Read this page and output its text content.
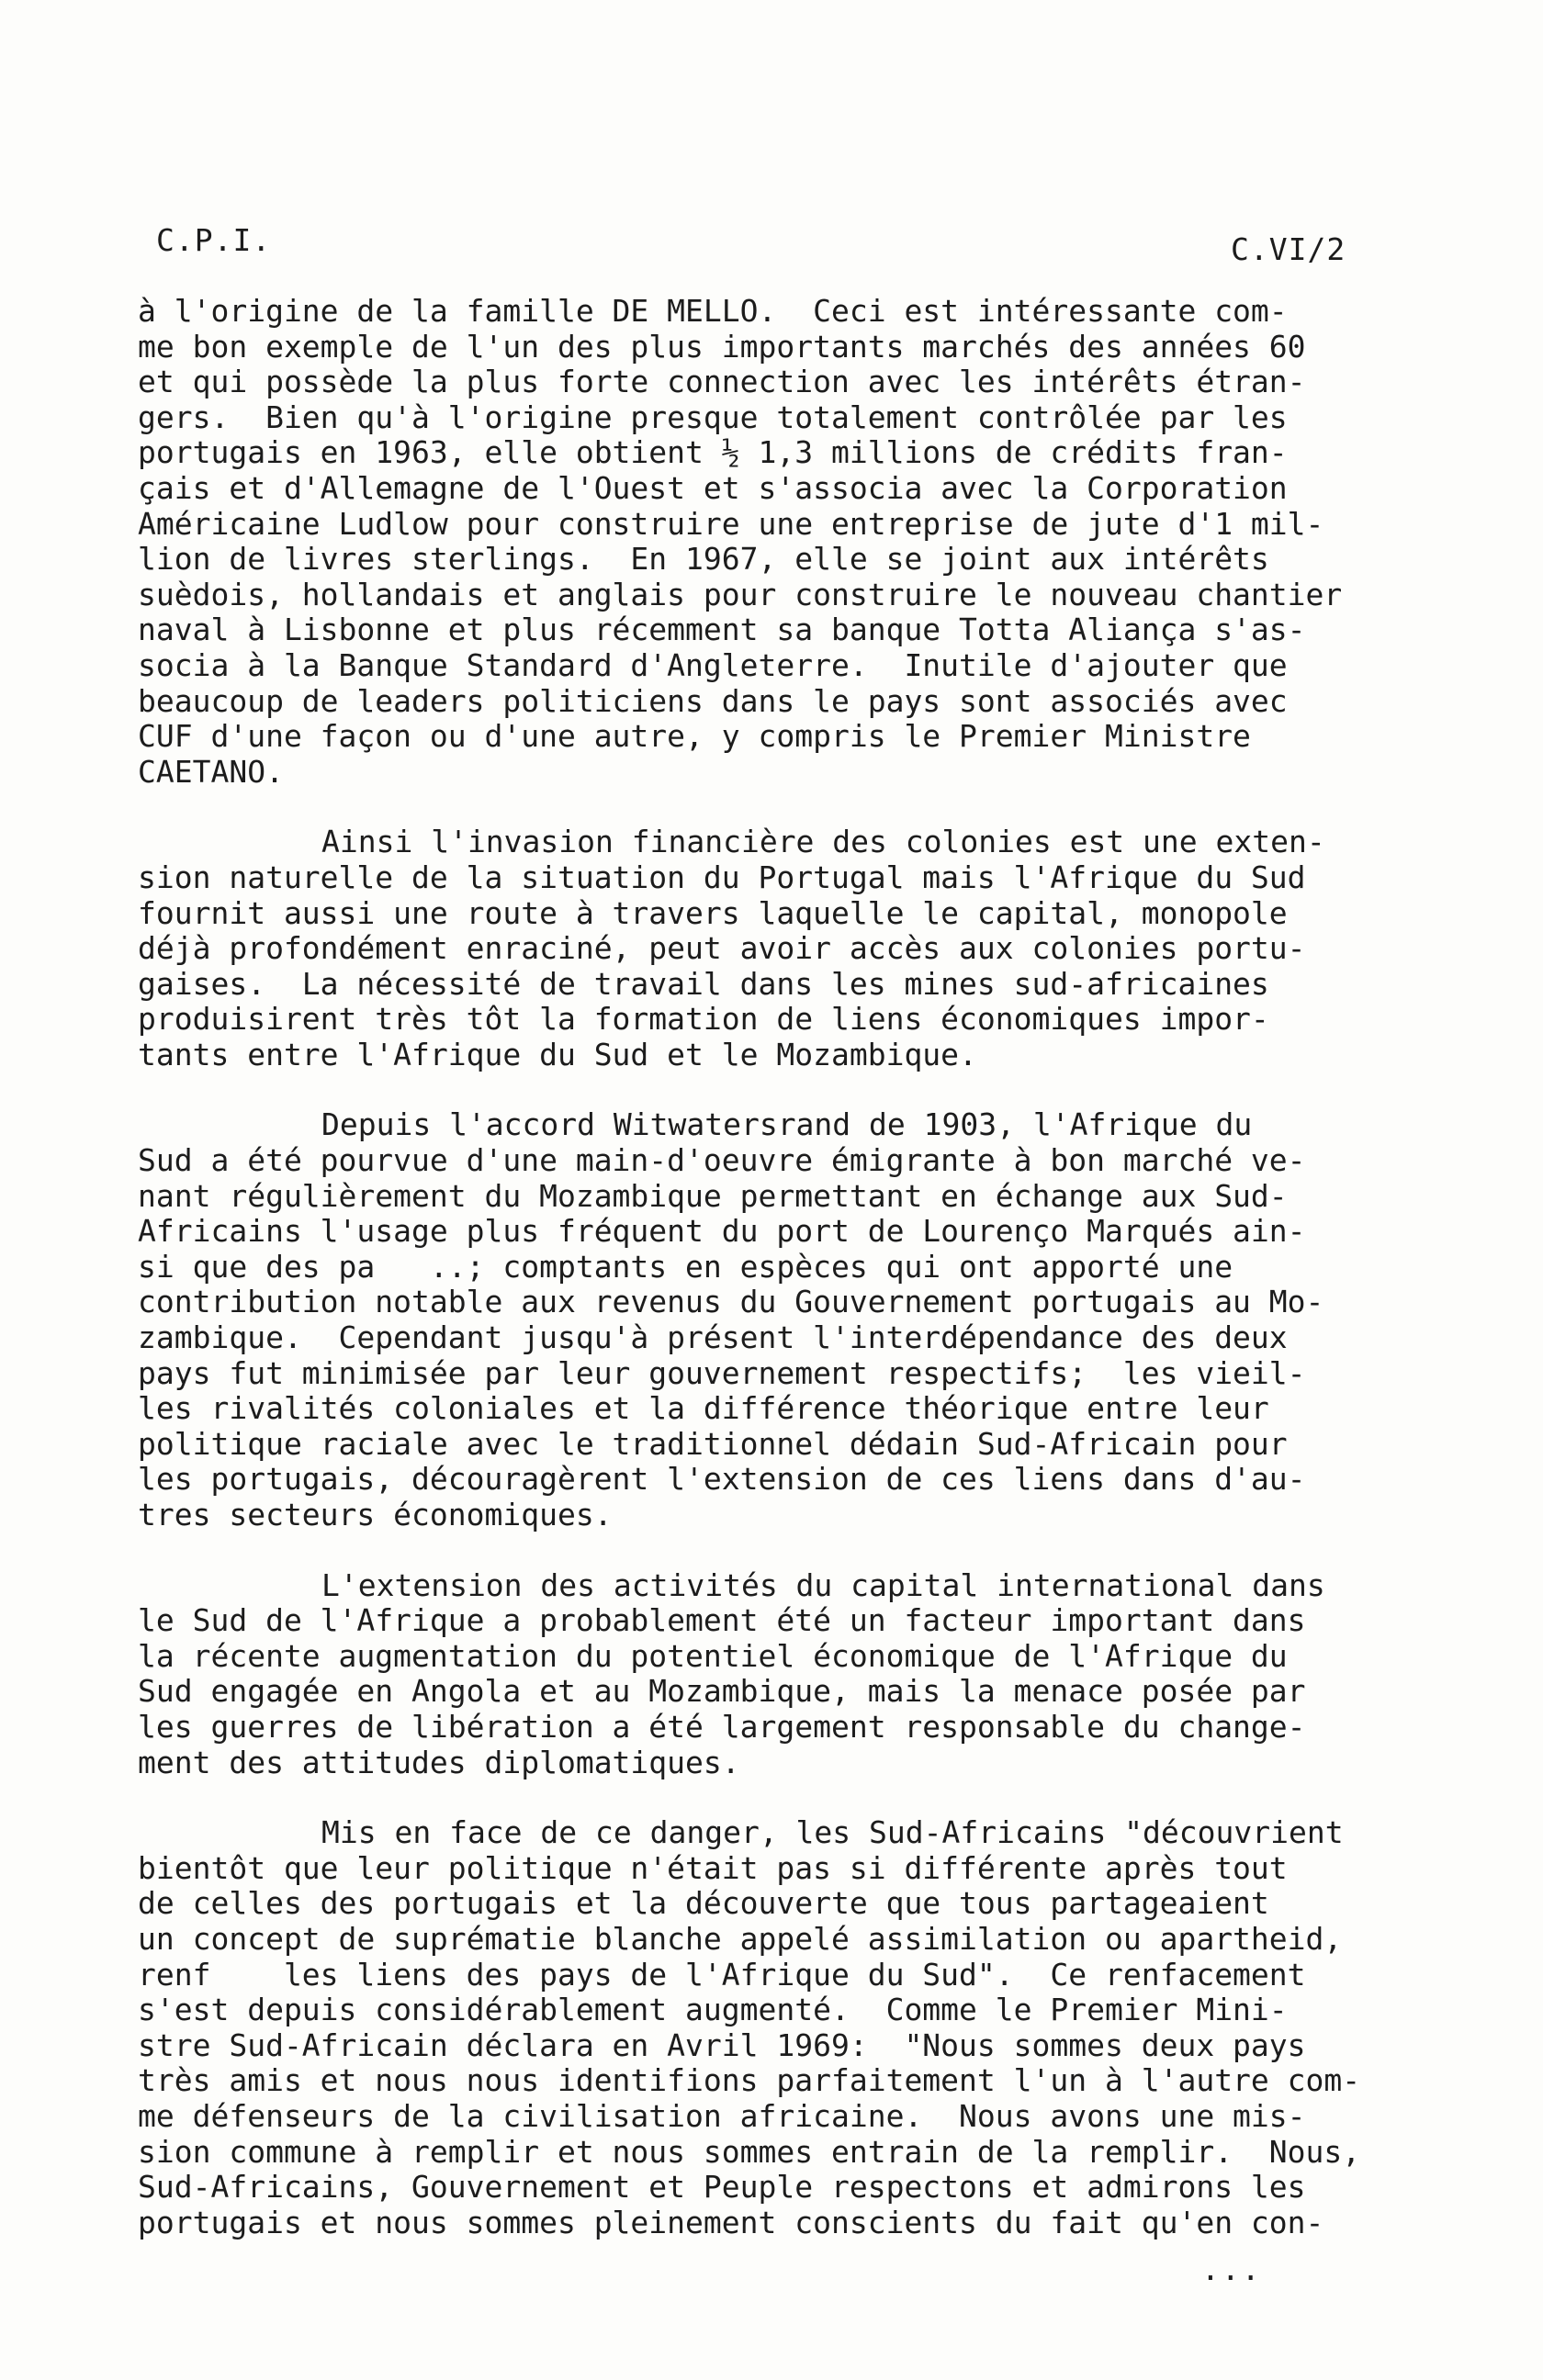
C.P.I.	C.VI/2
à l'origine de la famille DE MELLO.  Ceci est intéressante com-
me bon exemple de l'un des plus importants marchés des années 60
et qui possède la plus forte connection avec les intérêts étran-
gers.  Bien qu'à l'origine presque totalement contrôlée par les
portugais en 1963, elle obtient ½ 1,3 millions de crédits fran-
çais et d'Allemagne de l'Ouest et s'associa avec la Corporation
Américaine Ludlow pour construire une entreprise de jute d'1 mil-
lion de livres sterlings.  En 1967, elle se joint aux intérêts
suèdois, hollandais et anglais pour construire le nouveau chantier
naval à Lisbonne et plus récemment sa banque Totta Aliança s'as-
socia à la Banque Standard d'Angleterre.  Inutile d'ajouter que
beaucoup de leaders politiciens dans le pays sont associés avec
CUF d'une façon ou d'une autre, y compris le Premier Ministre
CAETANO.
Ainsi l'invasion financière des colonies est une exten-
sion naturelle de la situation du Portugal mais l'Afrique du Sud
fournit aussi une route à travers laquelle le capital, monopole
déjà profondément enraciné, peut avoir accès aux colonies portu-
gaises.  La nécessité de travail dans les mines sud-africaines
produisirent très tôt la formation de liens économiques impor-
tants entre l'Afrique du Sud et le Mozambique.
Depuis l'accord Witwatersrand de 1903, l'Afrique du
Sud a été pourvue d'une main-d'oeuvre émigrante à bon marché ve-
nant régulièrement du Mozambique permettant en échange aux Sud-
Africains l'usage plus fréquent du port de Lourenço Marqués ain-
si que des pa   ..; comptants en espèces qui ont apporté une
contribution notable aux revenus du Gouvernement portugais au Mo-
zambique.  Cependant jusqu'à présent l'interdépendance des deux
pays fut minimisée par leur gouvernement respectifs;  les vieil-
les rivalités coloniales et la différence théorique entre leur
politique raciale avec le traditionnel dédain Sud-Africain pour
les portugais, découragèrent l'extension de ces liens dans d'au-
tres secteurs économiques.
L'extension des activités du capital international dans
le Sud de l'Afrique a probablement été un facteur important dans
la récente augmentation du potentiel économique de l'Afrique du
Sud engagée en Angola et au Mozambique, mais la menace posée par
les guerres de libération a été largement responsable du change-
ment des attitudes diplomatiques.
Mis en face de ce danger, les Sud-Africains "découvrient
bientôt que leur politique n'était pas si différente après tout
de celles des portugais et la découverte que tous partageaient
un concept de suprématie blanche appelé assimilation ou apartheid,
renf    les liens des pays de l'Afrique du Sud".  Ce renfacement
s'est depuis considérablement augmenté.  Comme le Premier Mini-
stre Sud-Africain déclara en Avril 1969:  "Nous sommes deux pays
très amis et nous nous identifions parfaitement l'un à l'autre com-
me défenseurs de la civilisation africaine.  Nous avons une mis-
sion commune à remplir et nous sommes entrain de la remplir.  Nous,
Sud-Africains, Gouvernement et Peuple respectons et admirons les
portugais et nous sommes pleinement conscients du fait qu'en con-
...
